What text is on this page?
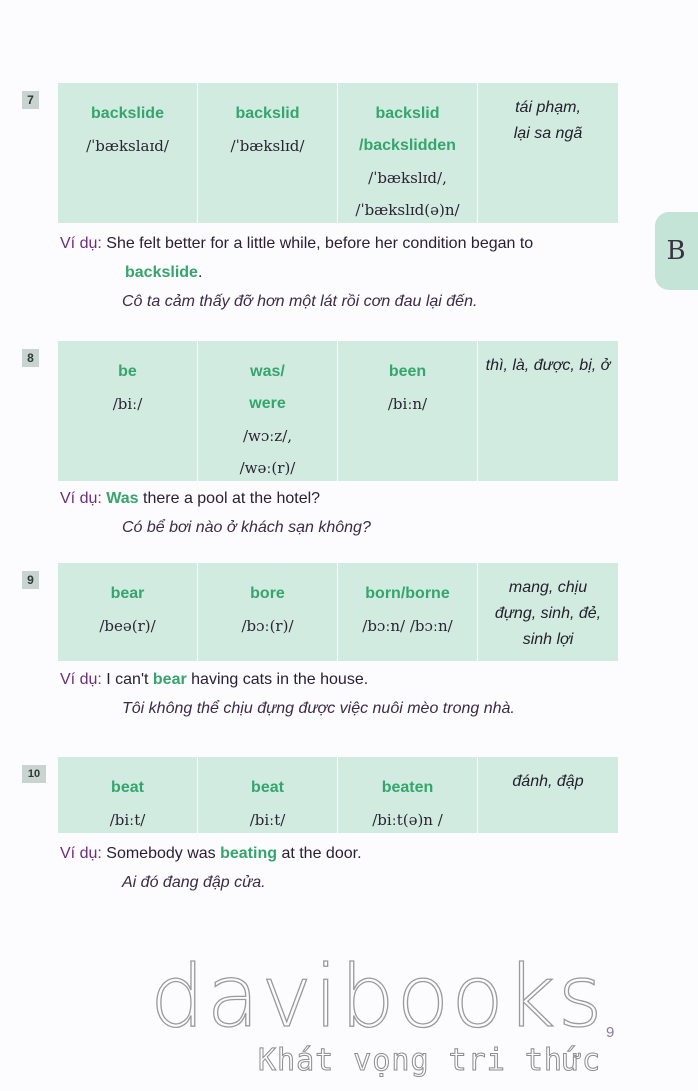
7
backslide
/ˈbækslaɪd/
backslid
/ˈbækslɪd/
backslid
/backslidden
/ˈbækslɪd/,
/ˈbækslɪd(ə)n/
tái phạm,
lại sa ngã
Ví dụ: She felt better for a little while, before her condition began to
backslide.
Cô ta cảm thấy đỡ hơn một lát rồi cơn đau lại đến.
8
be
/biː/
was/
were
/wɔːz/,
/wəː(r)/
been
/biːn/
thì, là, được, bị, ở
Ví dụ: Was there a pool at the hotel?
Có bể bơi nào ở khách sạn không?
9
bear
/beə(r)/
bore
/bɔː(r)/
born/borne
/bɔːn/ /bɔːn/
mang, chịu
đựng, sinh, đẻ,
sinh lợi
Ví dụ: I can't bear having cats in the house.
Tôi không thể chịu đựng được việc nuôi mèo trong nhà.
10
beat
/biːt/
beat
/biːt/
beaten
/biːt(ə)n /
đánh, đập
Ví dụ: Somebody was beating at the door.
Ai đó đang đập cửa.
B
9
davibooks
Khát vọng tri thức
